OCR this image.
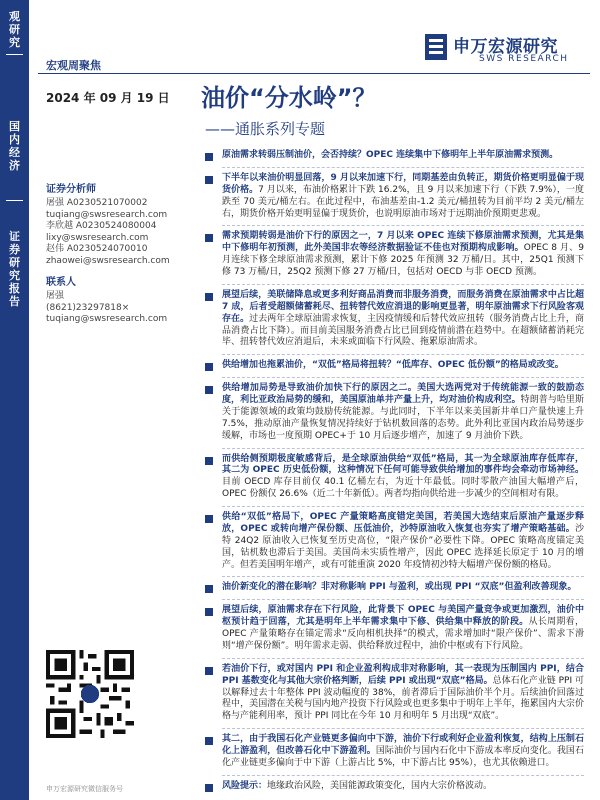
观
研
究
国
内
经
济
证
券
研
究
报
告
申万宏源研究
SWS RESEARCH
宏观周聚焦
2024 年 09 月 19 日 油价“分水岭”？
——通胀系列专题
证券分析师
屠强 A0230521070002
tuqiang@swsresearch.com
李欣越 A0230524080004
lixy@swsresearch.com
赵伟 A0230524070010
zhaowei@swsresearch.com
联系人
屠强
(8621)23297818×
tuqiang@swsresearch.com
申万宏源研究微信服务号
原油需求转弱压制油价，会否持续？OPEC 连续集中下修明年上半年原油需求预测。
下半年以来油价明显回落，9 月以来加速下行，同期基差由负转正，期货价格更明显偏于现货价格。7 月以来，布油价格累计下跌 16.2%，且 9 月以来加速下行（下跌 7.9%），一度跌至 70 美元/桶左右。在此过程中，布油基差由-1.2 美元/桶扭转为目前平均 2 美元/桶左右，期货价格开始更明显偏于现货价，也说明原油市场对于远期油价预期更悲观。
需求预期转弱是油价下行的原因之一，7 月以来 OPEC 连续下修原油需求预测，尤其是集中下修明年初预测，此外美国非农等经济数据验证不佳也对预期构成影响。OPEC 8 月、9 月连续下修全球原油需求预测，累计下修 2025 年预测 32 万桶/日。其中，25Q1 预测下修 73 万桶/日，25Q2 预测下修 27 万桶/日，包括对 OECD 与非 OECD 预测。
展望后续，美联储降息或更多利好商品消费而非服务消费，而服务消费在原油需求中占比超 7 成，后者受超额储蓄耗尽、扭转替代效应消退的影响更显著，明年原油需求下行风险客观存在。过去两年全球原油需求恢复，主因疫情缓和后替代效应扭转（服务消费占比上升，商品消费占比下降）。而目前美国服务消费占比已回到疫情前潜在趋势中。在超额储蓄消耗完毕、扭转替代效应消退后，未来或面临下行风险、拖累原油需求。
供给增加也拖累油价，“双低”格局将扭转？“低库存、OPEC 低份额”的格局或改变。
供给增加局势是导致油价加快下行的原因之二。美国大选两党对于传统能源一致的鼓励态度，利比亚政治局势的缓和，美国原油单井产量上升，均对油价构成利空。特朗普与哈里斯关于能源领域的政策均鼓励传统能源。与此同时，下半年以来美国新井单口产量快速上升 7.5%，推动原油产量恢复情况持续好于钻机数回落的态势。此外利比亚国内政治局势逐步缓解，市场也一度预期 OPEC+于 10 月后逐步增产，加速了 9 月油价下跌。
而供给侧预期极度敏感背后，是全球原油供给“双低”格局，其一为全球原油库存低库存，其二为 OPEC 历史低份额，这种情况下任何可能导致供给增加的事件均会牵动市场神经。目前 OECD 库存目前仅 40.1 亿桶左右，为近十年最低。同时零散产油国大幅增产后，OPEC 份额仅 26.6%（近二十年新低）。两者均指向供给进一步减少的空间相对有限。
供给“双低”格局下，OPEC 产量策略高度错定美国，若美国大选结束后原油产量逐步释放，OPEC 或转向增产保份额、压低油价，沙特原油收入恢复也夯实了增产策略基础。沙特 24Q2 原油收入已恢复至历史高位，“限产保价”必要性下降。OPEC 策略高度锚定美国，钻机数也滞后于美国。美国尚未实质性增产，因此 OPEC 选择延长原定于 10 月的增产。但若美国明年增产，或有可能重演 2020 年疫情初沙特大幅增产保份额的格局。
油价新变化的潜在影响？非对称影响 PPI 与盈利，或出现 PPI “双底”但盈利改善现象。
展望后续，原油需求存在下行风险，此背景下 OPEC 与美国产量竞争或更加激烈，油价中枢预计趋于回落，尤其是明年上半年需求集中下修、供给集中释放的阶段。从长周期看，OPEC 产量策略存在锚定需求“反向相机抉择”的模式，需求增加时“限产保价”、需求下滑则“增产保份额”。明年需求走弱、供给释放过程中，油价中枢或有下行风险。
若油价下行，或对国内 PPI 和企业盈利构成非对称影响，其一表现为压制国内 PPI，结合 PPI 基数变化与其他大宗价格判断，后续 PPI 或出现“双底”格局。总体石化产业链 PPI 可以解释过去十年整体 PPI 波动幅度的 38%，前者滞后于国际油价半个月。后续油价回落过程中，美国潜在关税与国内地产投资下行风险或也更多集中于明年上半年，拖累国内大宗价格与产能利用率，预计 PPI 同比在今年 10 月和明年 5 月出现“双底”。
其二，由于我国石化产业链更多偏向中下游，油价下行或利好企业盈利恢复，结构上压制石化上游盈利，但改善石化中下游盈利。国际油价与国内石化中下游成本率反向变化。我国石化产业链更多偏向于中下游（上游占比 5%，中下游占比 95%），也尤其依赖进口。
风险提示：地缘政治风险，美国能源政策变化，国内大宗价格波动。
